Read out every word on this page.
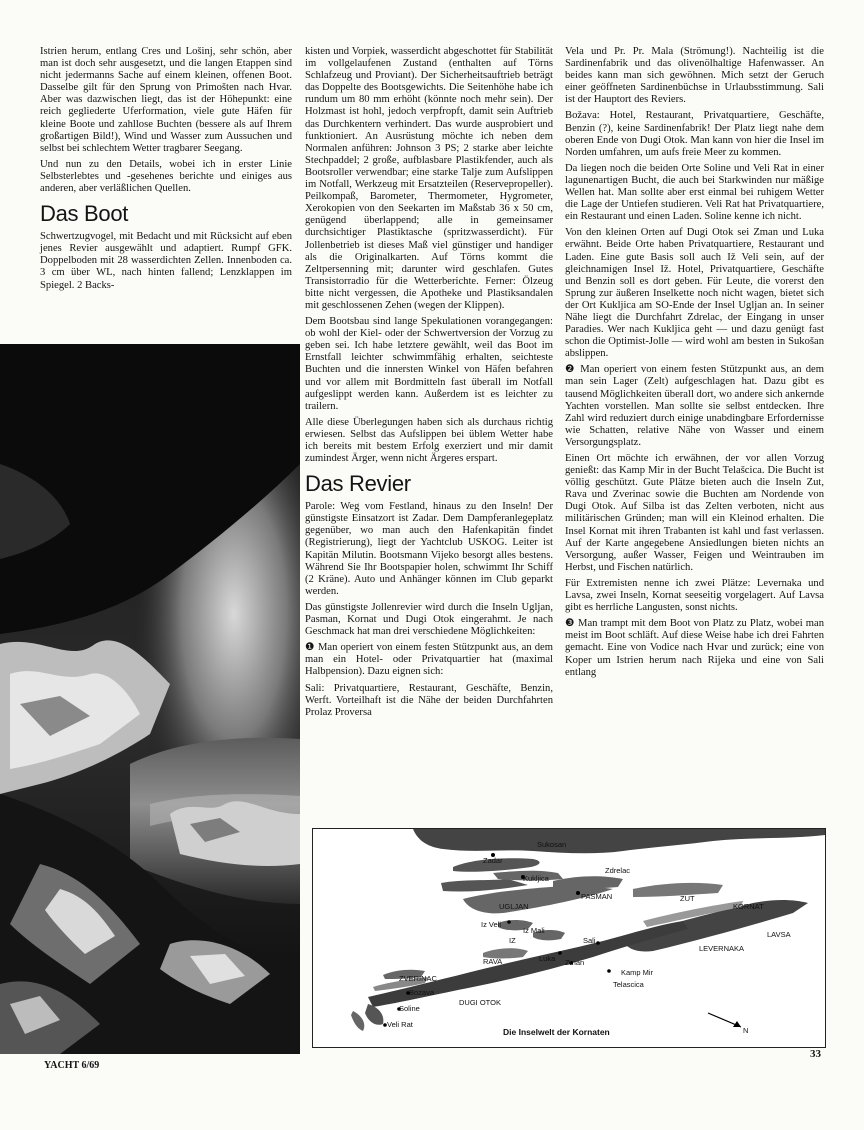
Istrien herum, entlang Cres und Lošinj, sehr schön, aber man ist doch sehr ausgesetzt, und die langen Etappen sind nicht jedermanns Sache auf einem kleinen, offenen Boot. Dasselbe gilt für den Sprung von Primošten nach Hvar. Aber was dazwischen liegt, das ist der Höhepunkt: eine reich gegliederte Uferformation, viele gute Häfen für kleine Boote und zahllose Buchten (bessere als auf Ihrem großartigen Bild!), Wind und Wasser zum Aussuchen und selbst bei schlechtem Wetter tragbarer Seegang.

Und nun zu den Details, wobei ich in erster Linie Selbsterlebtes und -gesehenes berichte und einiges aus anderen, aber verläßlichen Quellen.

Das Boot

Schwertzugvogel, mit Bedacht und mit Rücksicht auf eben jenes Revier ausgewählt und adaptiert. Rumpf GFK. Doppelboden mit 28 wasserdichten Zellen. Innenboden ca. 3 cm über WL, nach hinten fallend; Lenzklappen im Spiegel. 2 Backs-

kisten und Vorpiek, wasserdicht abgeschottet für Stabilität im vollgelaufenen Zustand (enthalten auf Törns Schlafzeug und Proviant). Der Sicherheitsauftrieb beträgt das Doppelte des Bootsgewichts. Die Seitenhöhe habe ich rundum um 80 mm erhöht (könnte noch mehr sein). Der Holzmast ist hohl, jedoch verpfropft, damit sein Auftrieb das Durchkentern verhindert. Das wurde ausprobiert und funktioniert. An Ausrüstung möchte ich neben dem Normalen anführen: Johnson 3 PS; 2 starke aber leichte Stechpaddel; 2 große, aufblasbare Plastikfender, auch als Bootsroller verwendbar; eine starke Talje zum Aufslippen im Notfall, Werkzeug mit Ersatzteilen (Reservepropeller). Peilkompaß, Barometer, Thermometer, Hygrometer, Xerokopien von den Seekarten im Maßstab 36 x 50 cm, genügend überlappend; alle in gemeinsamer durchsichtiger Plastiktasche (spritzwasserdicht). Für Jollenbetrieb ist dieses Maß viel günstiger und handiger als die Originalkarten. Auf Törns kommt die Zeltpersenning mit; darunter wird geschlafen. Gutes Transistorradio für die Wetterberichte. Ferner: Ölzeug bitte nicht vergessen, die Apotheke und Plastiksandalen mit geschlossenen Zehen (wegen der Klippen).

Dem Bootsbau sind lange Spekulationen vorangegangen: ob wohl der Kiel- oder der Schwertversion der Vorzug zu geben sei. Ich habe letztere gewählt, weil das Boot im Ernstfall leichter schwimmfähig erhalten, seichteste Buchten und die innersten Winkel von Häfen befahren und vor allem mit Bordmitteln fast überall im Notfall aufgeslippt werden kann. Außerdem ist es leichter zu trailern.

Alle diese Überlegungen haben sich als durchaus richtig erwiesen. Selbst das Aufslippen bei üblem Wetter habe ich bereits mit bestem Erfolg exerziert und mir damit zumindest Ärger, wenn nicht Ärgeres erspart.

Das Revier

Parole: Weg vom Festland, hinaus zu den Inseln! Der günstigste Einsatzort ist Zadar. Dem Dampferanlegeplatz gegenüber, wo man auch den Hafenkapitän findet (Registrierung), liegt der Yachtclub USKOG. Leiter ist Kapitän Milutin. Bootsmann Vijeko besorgt alles bestens. Während Sie Ihr Bootspapier holen, schwimmt Ihr Schiff (2 Kräne). Auto und Anhänger können im Club geparkt werden.

Das günstigste Jollenrevier wird durch die Inseln Ugljan, Pasman, Kornat und Dugi Otok eingerahmt. Je nach Geschmack hat man drei verschiedene Möglichkeiten:

❶ Man operiert von einem festen Stützpunkt aus, an dem man ein Hotel- oder Privatquartier hat (maximal Halbpension). Dazu eignen sich:

Sali: Privatquartiere, Restaurant, Geschäfte, Benzin, Werft. Vorteilhaft ist die Nähe der beiden Durchfahrten Prolaz Proversa

Vela und Pr. Pr. Mala (Strömung!). Nachteilig ist die Sardinenfabrik und das olivenölhaltige Hafenwasser. An beides kann man sich gewöhnen. Mich setzt der Geruch einer geöffneten Sardinenbüchse in Urlaubsstimmung. Sali ist der Hauptort des Reviers.

Božava: Hotel, Restaurant, Privatquartiere, Geschäfte, Benzin (?), keine Sardinenfabrik! Der Platz liegt nahe dem oberen Ende von Dugi Otok. Man kann von hier die Insel im Norden umfahren, um aufs freie Meer zu kommen.

Da liegen noch die beiden Orte Soline und Veli Rat in einer lagunenartigen Bucht, die auch bei Starkwinden nur mäßige Wellen hat. Man sollte aber erst einmal bei ruhigem Wetter die Lage der Untiefen studieren. Veli Rat hat Privatquartiere, ein Restaurant und einen Laden. Soline kenne ich nicht.

Von den kleinen Orten auf Dugi Otok sei Zman und Luka erwähnt. Beide Orte haben Privatquartiere, Restaurant und Laden. Eine gute Basis soll auch Iž Veli sein, auf der gleichnamigen Insel Iž. Hotel, Privatquartiere, Geschäfte und Benzin soll es dort geben. Für Leute, die vorerst den Sprung zur äußeren Inselkette noch nicht wagen, bietet sich der Ort Kukljica am SO-Ende der Insel Ugljan an. In seiner Nähe liegt die Durchfahrt Zdrelac, der Eingang in unser Paradies. Wer nach Kukljica geht — und dazu genügt fast schon die Optimist-Jolle — wird wohl am besten in Sukošan abslippen.

❷ Man operiert von einem festen Stützpunkt aus, an dem man sein Lager (Zelt) aufgeschlagen hat. Dazu gibt es tausend Möglichkeiten überall dort, wo andere sich ankernde Yachten vorstellen. Man sollte sie selbst entdecken. Ihre Zahl wird reduziert durch einige unabdingbare Erfordernisse wie Schatten, relative Nähe von Wasser und einem Versorgungsplatz.

Einen Ort möchte ich erwähnen, der vor allen Vorzug genießt: das Kamp Mir in der Bucht Telašcica. Die Bucht ist völlig geschützt. Gute Plätze bieten auch die Inseln Zut, Rava und Zverinac sowie die Buchten am Nordende von Dugi Otok. Auf Silba ist das Zelten verboten, nicht aus militärischen Gründen; man will ein Kleinod erhalten. Die Insel Kornat mit ihren Trabanten ist kahl und fast verlassen. Auf der Karte angegebene Ansiedlungen bieten nichts an Versorgung, außer Wasser, Feigen und Weintrauben im Herbst, und Fischen natürlich.

Für Extremisten nenne ich zwei Plätze: Levernaka und Lavsa, zwei Inseln, Kornat seeseitig vorgelagert. Auf Lavsa gibt es herrliche Langusten, sonst nichts.

❸ Man trampt mit dem Boot von Platz zu Platz, wobei man meist im Boot schläft. Auf diese Weise habe ich drei Fahrten gemacht. Eine von Vodice nach Hvar und zurück; eine von Koper um Istrien herum nach Rijeka und eine von Sali entlang

Zadar
Sukosan
Zdrelac
Kukljica
PASMAN
UGLJAN
ZUT
KORNAT
LAVSA
Iz Veli
Iz Mali
IZ
LEVERNAKA
RAVA
Sali
Luka Zman
Kamp Mir
Telascica
ZVERINAC
Bozava
Soline
DUGI OTOK
Veli Rat
Die Inselwelt der Kornaten	N
YACHT 6/69
33
